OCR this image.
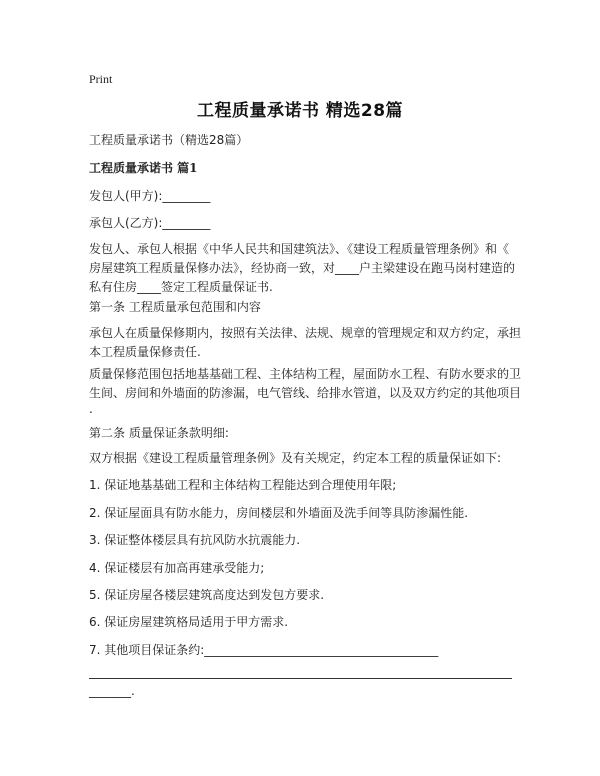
Print
工程质量承诺书 精选28篇
工程质量承诺书（精选28篇）
工程质量承诺书 篇1
发包人(甲方):________
承包人(乙方):________
发包人、承包人根据《中华人民共和国建筑法》、《建设工程质量管理条例》和《
房屋建筑工程质量保修办法》，经协商一致，对____户主梁建设在跑马岗村建造的
私有住房____签定工程质量保证书.
第一条 工程质量承包范围和内容
承包人在质量保修期内，按照有关法律、法规、规章的管理规定和双方约定，承担
本工程质量保修责任.
质量保修范围包括地基基础工程、主体结构工程，屋面防水工程、有防水要求的卫
生间、房间和外墙面的防渗漏，电气管线、给排水管道，以及双方约定的其他项目
.
第二条 质量保证条款明细:
双方根据《建设工程质量管理条例》及有关规定，约定本工程的质量保证如下:
1. 保证地基基础工程和主体结构工程能达到合理使用年限;
2. 保证屋面具有防水能力，房间楼层和外墙面及洗手间等具防渗漏性能.
3. 保证整体楼层具有抗风防水抗震能力.
4. 保证楼层有加高再建承受能力;
5. 保证房屋各楼层建筑高度达到发包方要求.
6. 保证房屋建筑格局适用于甲方需求.
7. 其他项目保证条约:_______________________________________
_______.
